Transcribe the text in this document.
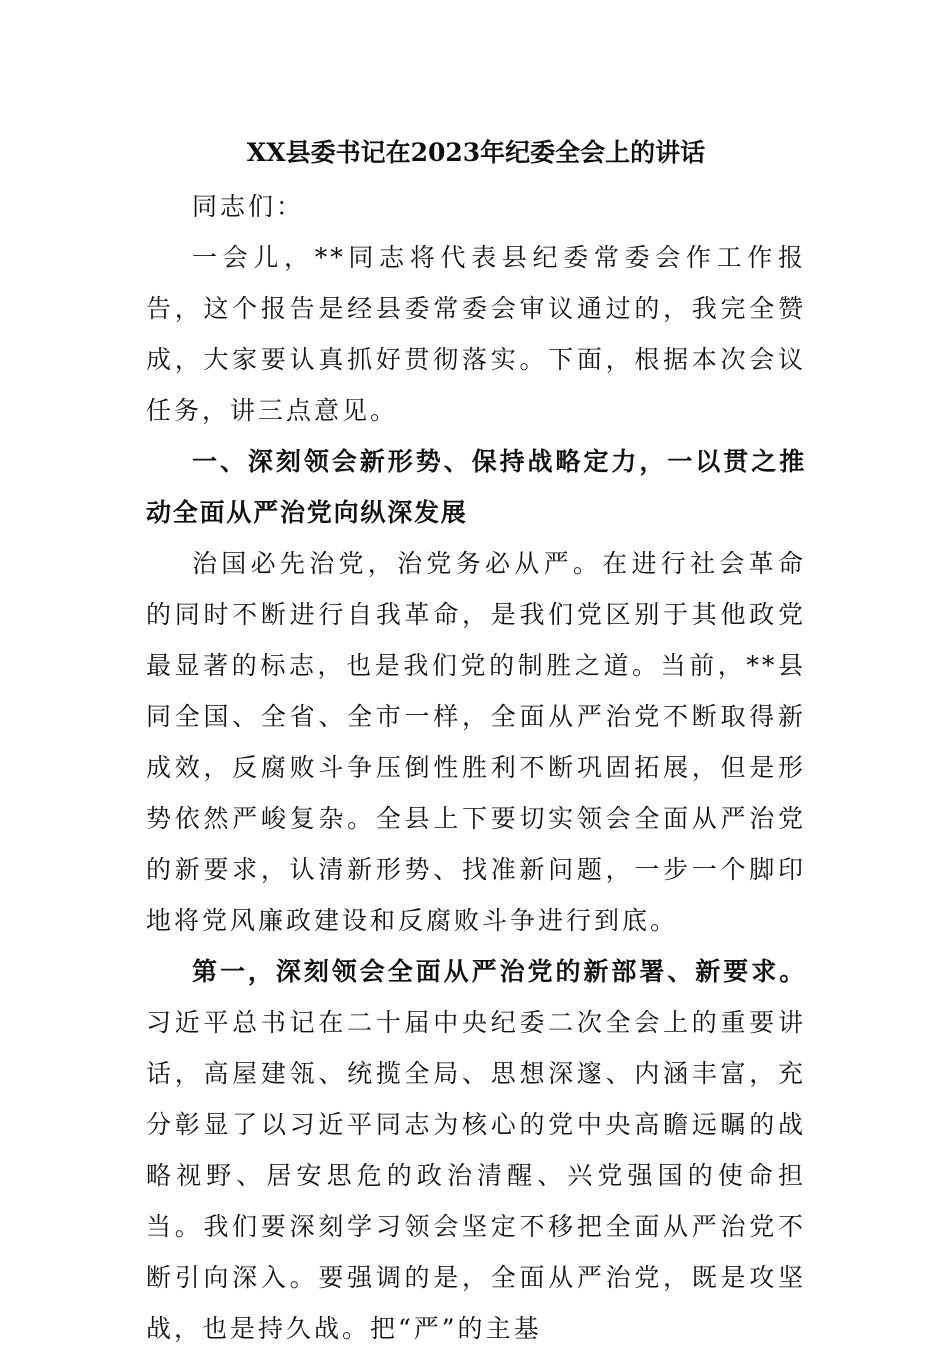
XX县委书记在2023年纪委全会上的讲话

同志们：

一会儿，**同志将代表县纪委常委会作工作报告，这个报告是经县委常委会审议通过的，我完全赞成，大家要认真抓好贯彻落实。下面，根据本次会议任务，讲三点意见。

一、深刻领会新形势、保持战略定力，一以贯之推动全面从严治党向纵深发展

治国必先治党，治党务必从严。在进行社会革命的同时不断进行自我革命，是我们党区别于其他政党最显著的标志，也是我们党的制胜之道。当前，**县同全国、全省、全市一样，全面从严治党不断取得新成效，反腐败斗争压倒性胜利不断巩固拓展，但是形势依然严峻复杂。全县上下要切实领会全面从严治党的新要求，认清新形势、找准新问题，一步一个脚印地将党风廉政建设和反腐败斗争进行到底。

第一，深刻领会全面从严治党的新部署、新要求。习近平总书记在二十届中央纪委二次全会上的重要讲话，高屋建瓴、统揽全局、思想深邃、内涵丰富，充分彰显了以习近平同志为核心的党中央高瞻远瞩的战略视野、居安思危的政治清醒、兴党强国的使命担当。我们要深刻学习领会坚定不移把全面从严治党不断引向深入。要强调的是，全面从严治党，既是攻坚战，也是持久战。把“严”的主基
